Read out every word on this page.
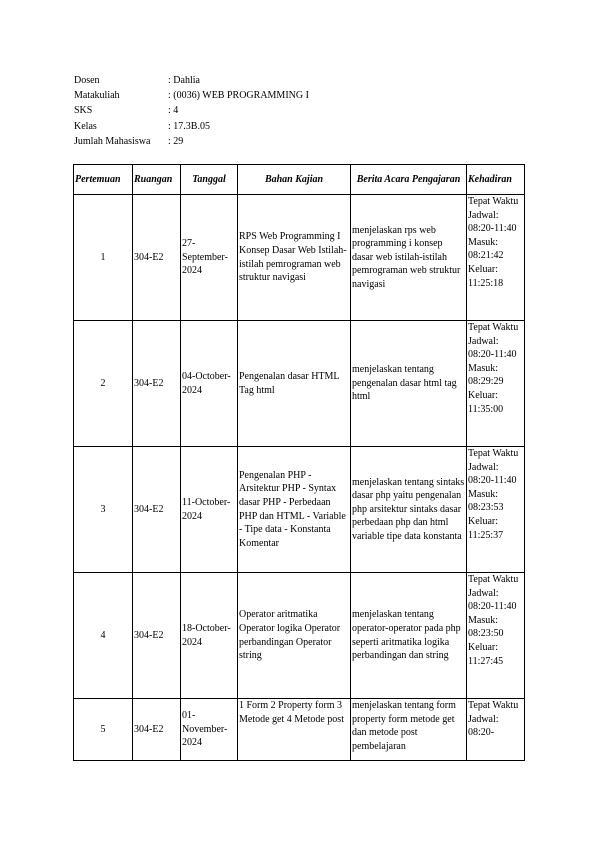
Dosen	: Dahlia
Matakuliah	: (0036) WEB PROGRAMMING I
SKS	: 4
Kelas	: 17.3B.05
Jumlah Mahasiswa : 29
Pertemuan	Ruangan	Tanggal	Bahan Kajian	Berita Acara Pengajaran	Kehadiran
1	304-E2	27-September-2024	RPS Web Programming I Konsep Dasar Web Istilah-istilah pemrograman web struktur navigasi	menjelaskan rps web programming i konsep dasar web istilah-istilah pemrograman web struktur navigasi	Tepat Waktu
Jadwal: 08:20-11:40
Masuk: 08:21:42
Keluar: 11:25:18

2	304-E2	04-October-2024	Pengenalan dasar HTML Tag html	menjelaskan tentang pengenalan dasar html tag html	Tepat Waktu
Jadwal: 08:20-11:40
Masuk: 08:29:29
Keluar: 11:35:00

3	304-E2	11-October-2024	Pengenalan PHP - Arsitektur PHP - Syntax dasar PHP - Perbedaan PHP dan HTML - Variable - Tipe data - Konstanta Komentar	menjelaskan tentang sintaks dasar php yaitu pengenalan php arsitektur sintaks dasar perbedaan php dan html variable tipe data konstanta	Tepat Waktu
Jadwal: 08:20-11:40
Masuk: 08:23:53
Keluar: 11:25:37

4	304-E2	18-October-2024	Operator aritmatika Operator logika Operator perbandingan Operator string	menjelaskan tentang operator-operator pada php seperti aritmatika logika perbandingan dan string	Tepat Waktu
Jadwal: 08:20-11:40
Masuk: 08:23:50
Keluar: 11:27:45

5	304-E2	01-November-2024	1 Form 2 Property form 3 Metode get 4 Metode post	menjelaskan tentang form property form metode get dan metode post pembelajaran	Tepat Waktu
Jadwal: 08:20-
